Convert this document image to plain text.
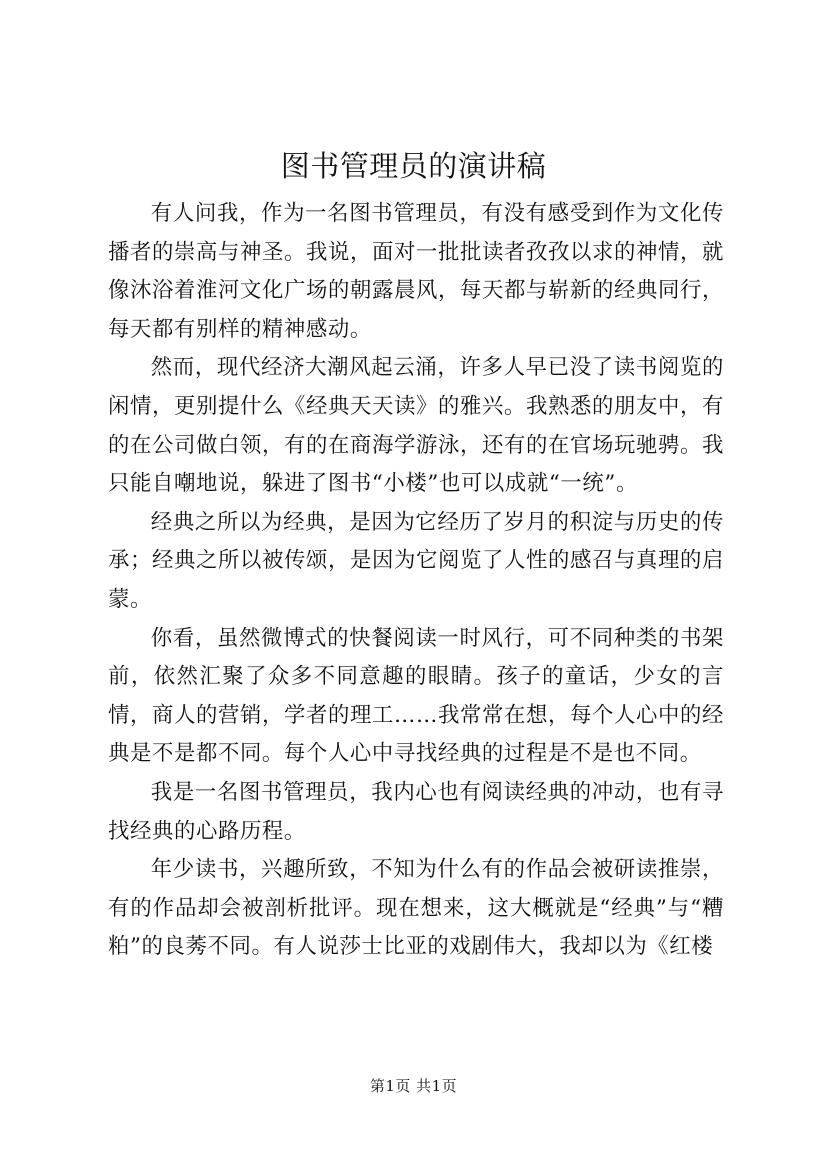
图书管理员的演讲稿

有人问我，作为一名图书管理员，有没有感受到作为文化传播者的崇高与神圣。我说，面对一批批读者孜孜以求的神情，就像沐浴着淮河文化广场的朝露晨风，每天都与崭新的经典同行，每天都有别样的精神感动。

然而，现代经济大潮风起云涌，许多人早已没了读书阅览的闲情，更别提什么《经典天天读》的雅兴。我熟悉的朋友中，有的在公司做白领，有的在商海学游泳，还有的在官场玩驰骋。我只能自嘲地说，躲进了图书“小楼”也可以成就“一统”。

经典之所以为经典，是因为它经历了岁月的积淀与历史的传承；经典之所以被传颂，是因为它阅览了人性的感召与真理的启蒙。

你看，虽然微博式的快餐阅读一时风行，可不同种类的书架前，依然汇聚了众多不同意趣的眼睛。孩子的童话，少女的言情，商人的营销，学者的理工……我常常在想，每个人心中的经典是不是都不同。每个人心中寻找经典的过程是不是也不同。

我是一名图书管理员，我内心也有阅读经典的冲动，也有寻找经典的心路历程。

年少读书，兴趣所致，不知为什么有的作品会被研读推崇，有的作品却会被剖析批评。现在想来，这大概就是“经典”与“糟粕”的良莠不同。有人说莎士比亚的戏剧伟大，我却以为《红楼

第1页 共1页
